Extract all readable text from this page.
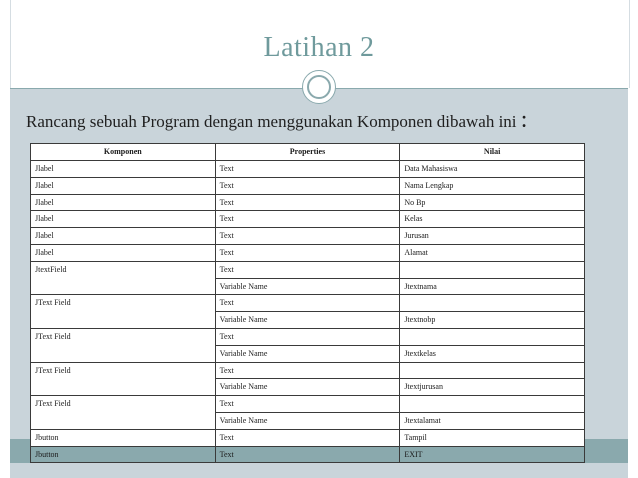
Latihan 2
Rancang sebuah Program dengan menggunakan Komponen dibawah ini :
Komponen	Properties	Nilai
Jlabel	Text	Data Mahasiswa
Jlabel	Text	Nama Lengkap
Jlabel	Text	No Bp
Jlabel	Text	Kelas
Jlabel	Text	Jurusan
Jlabel	Text	Alamat
JtextField	Text	
	Variable Name	Jtextnama
JText Field	Text	
	Variable Name	Jtextnobp
JText Field	Text	
	Variable Name	Jtextkelas
JText Field	Text	
	Variable Name	Jtextjurusan
JText Field	Text	
	Variable Name	Jtextalamat
Jbutton	Text	Tampil
Jbutton	Text	EXIT
